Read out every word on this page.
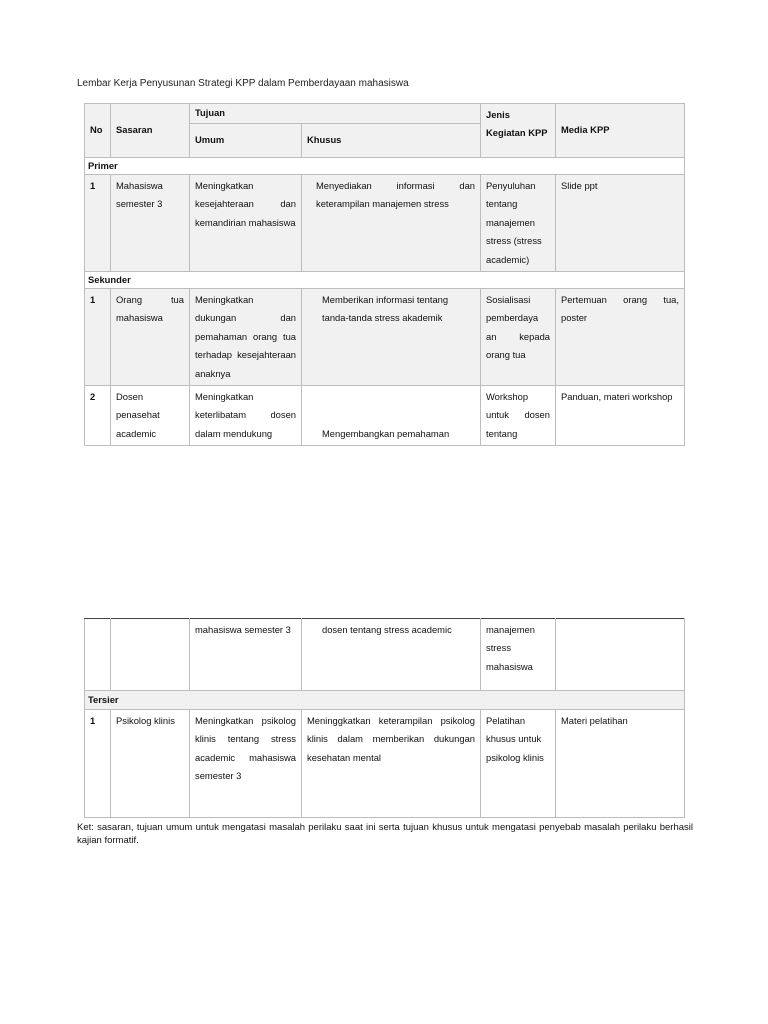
Lembar Kerja Penyusunan Strategi KPP dalam Pemberdayaan mahasiswa
No	Sasaran	Tujuan		Jenis Kegiatan KPP	Media KPP
		Umum	Khusus		
Primer					
1	Mahasiswa semester 3	Meningkatkan kesejahteraan dan kemandirian mahasiswa	Menyediakan informasi dan keterampilan manajemen stress	Penyuluhan tentang manajemen stress (stress academic)	Slide ppt
Sekunder					
1	Orang tua mahasiswa	Meningkatkan dukungan dan pemahaman orang tua terhadap kesejahteraan anaknya	Memberikan informasi tentang tanda-tanda stress akademik	Sosialisasi pemberdaya an kepada orang tua	Pertemuan orang tua, poster
2	Dosen penasehat academic	Meningkatkan keterlibatam dosen dalam mendukung	Mengembangkan pemahaman	Workshop untuk dosen tentang	Panduan, materi workshop
		mahasiswa semester 3	dosen tentang stress academic	manajemen stress mahasiswa	
Tersier					
1	Psikolog klinis	Meningkatkan psikolog klinis tentang stress academic mahasiswa semester 3	Meninggkatkan keterampilan psikolog klinis dalam memberikan dukungan kesehatan mental	Pelatihan khusus untuk psikolog klinis	Materi pelatihan
Ket: sasaran, tujuan umum untuk mengatasi masalah perilaku saat ini serta tujuan khusus untuk mengatasi penyebab masalah perilaku berhasil kajian formatif.
